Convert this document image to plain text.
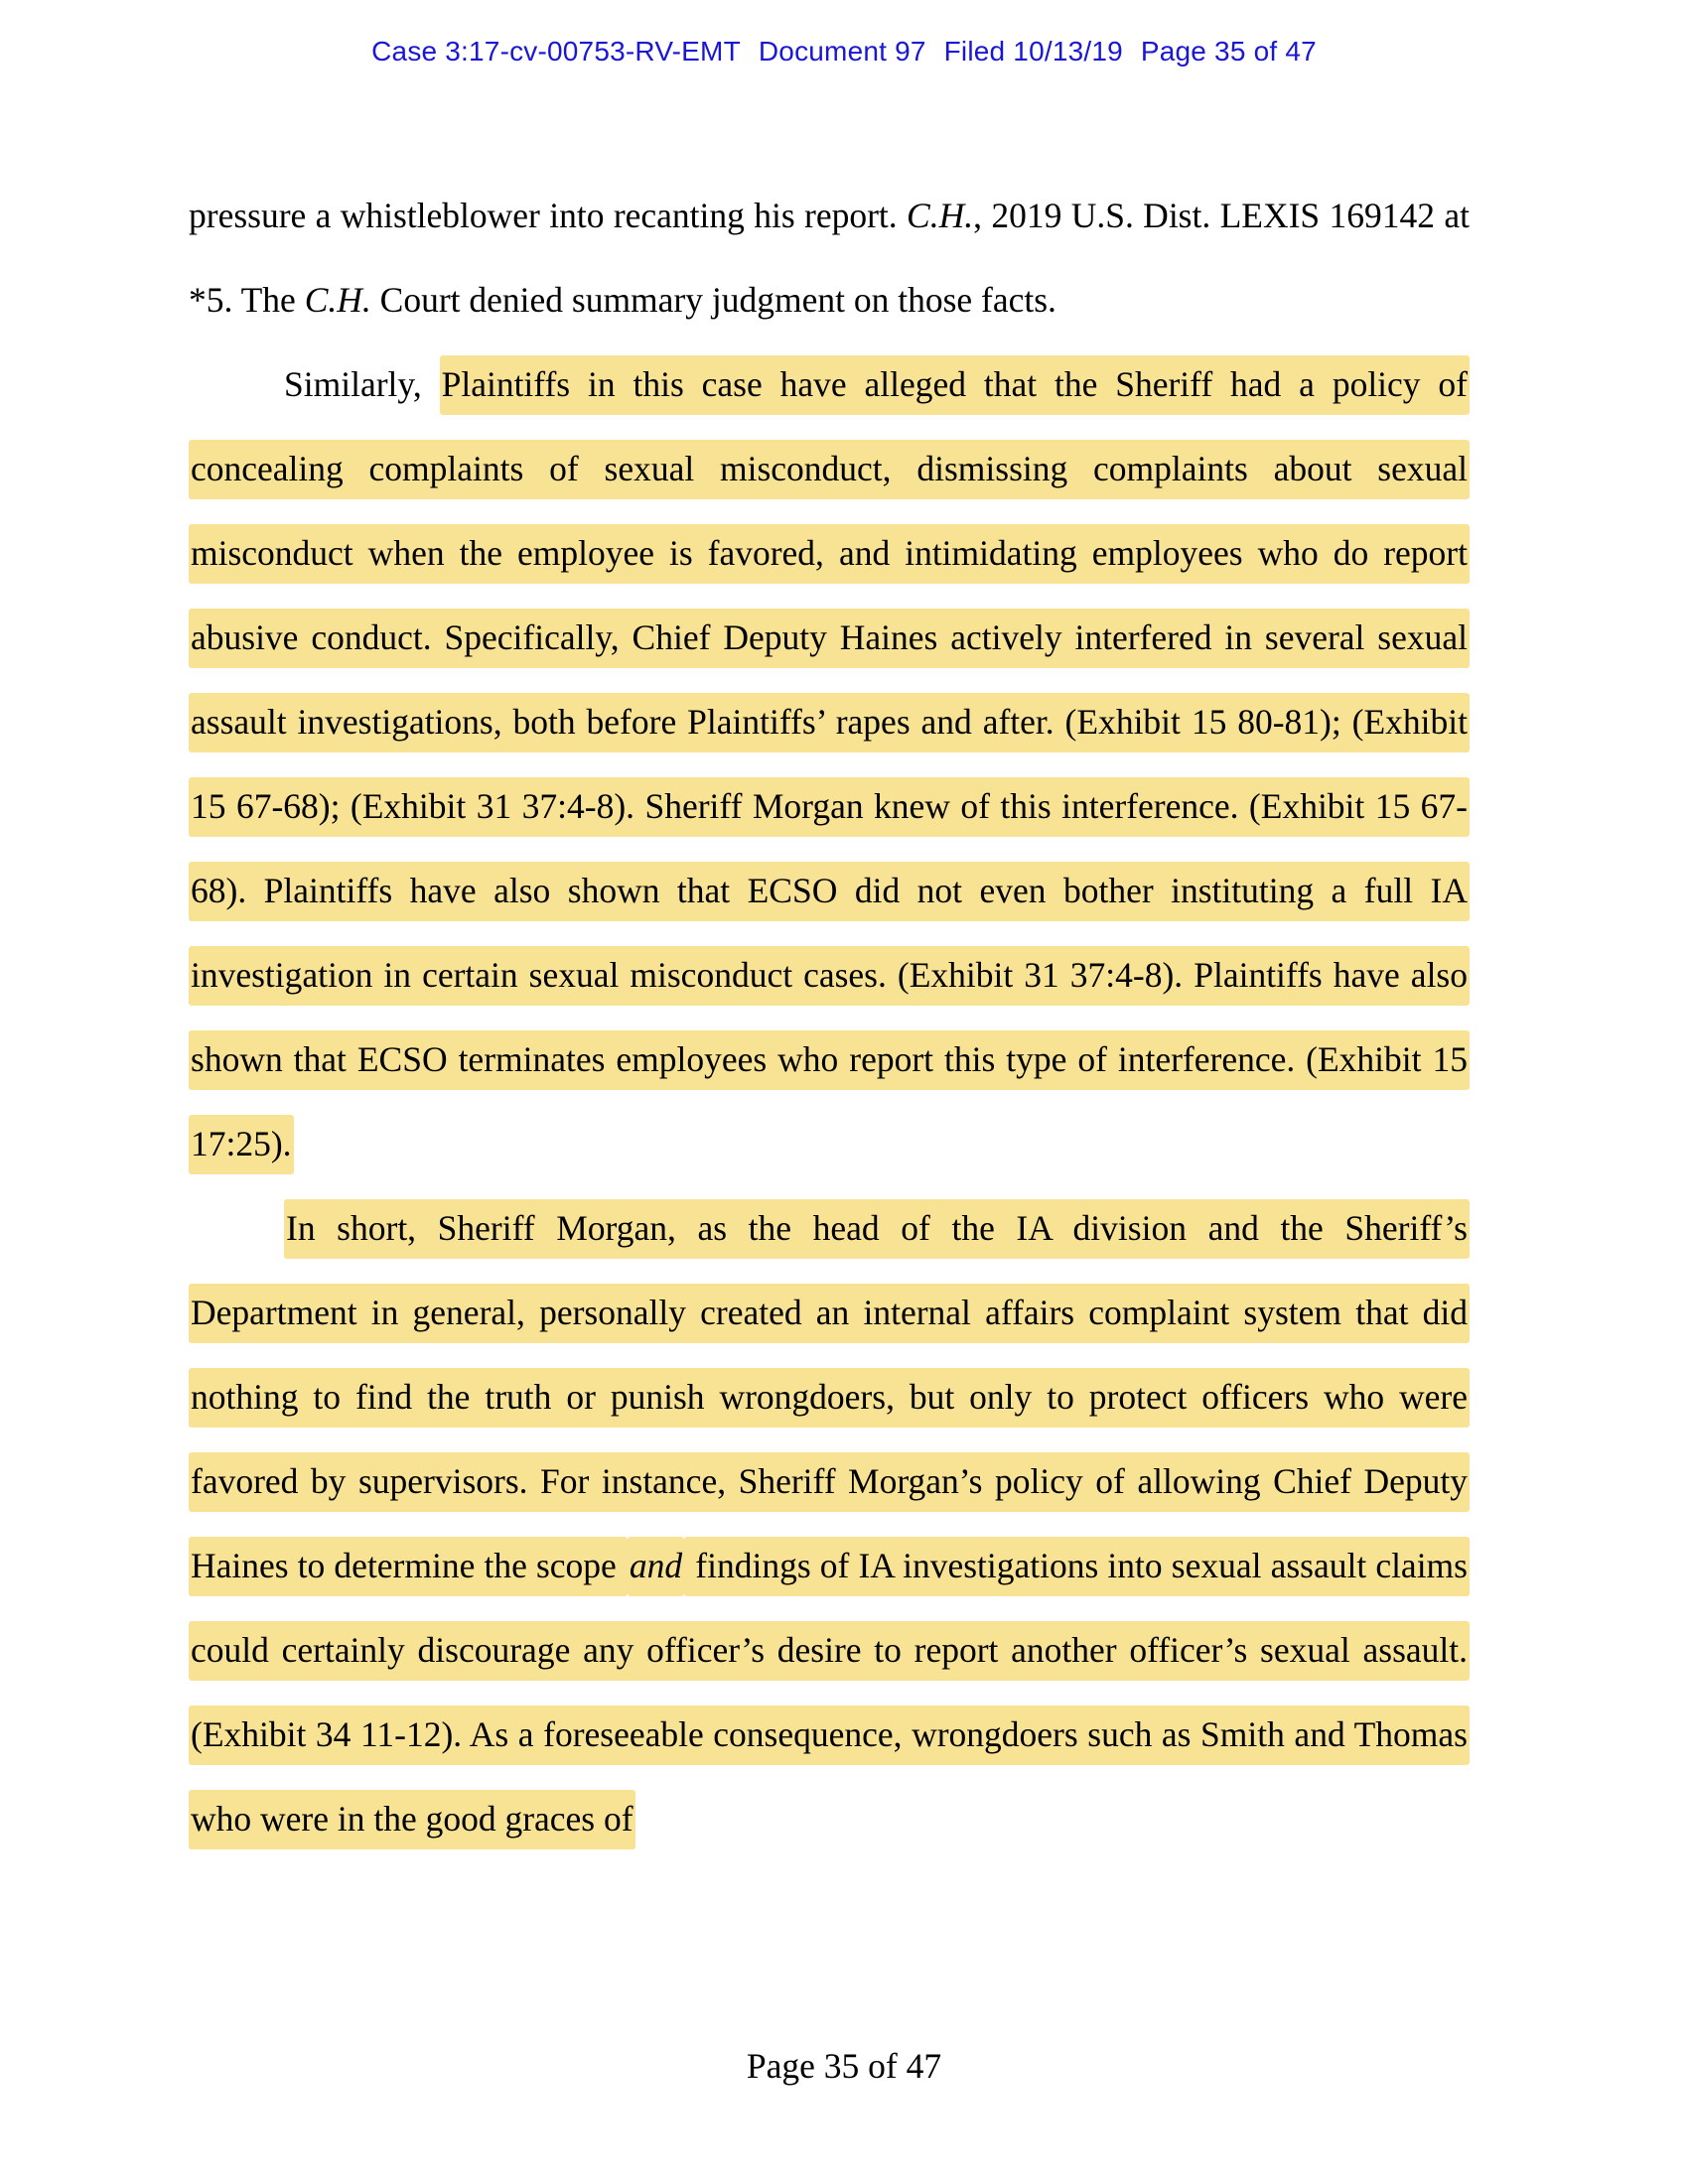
Case 3:17-cv-00753-RV-EMT Document 97 Filed 10/13/19 Page 35 of 47

pressure a whistleblower into recanting his report. C.H., 2019 U.S. Dist. LEXIS 169142 at *5. The C.H. Court denied summary judgment on those facts.

Similarly, Plaintiffs in this case have alleged that the Sheriff had a policy of concealing complaints of sexual misconduct, dismissing complaints about sexual misconduct when the employee is favored, and intimidating employees who do report abusive conduct. Specifically, Chief Deputy Haines actively interfered in several sexual assault investigations, both before Plaintiffs’ rapes and after. (Exhibit 15 80-81); (Exhibit 15 67-68); (Exhibit 31 37:4-8). Sheriff Morgan knew of this interference. (Exhibit 15 67-68). Plaintiffs have also shown that ECSO did not even bother instituting a full IA investigation in certain sexual misconduct cases. (Exhibit 31 37:4-8). Plaintiffs have also shown that ECSO terminates employees who report this type of interference. (Exhibit 15 17:25).

In short, Sheriff Morgan, as the head of the IA division and the Sheriff’s Department in general, personally created an internal affairs complaint system that did nothing to find the truth or punish wrongdoers, but only to protect officers who were favored by supervisors. For instance, Sheriff Morgan’s policy of allowing Chief Deputy Haines to determine the scope and findings of IA investigations into sexual assault claims could certainly discourage any officer’s desire to report another officer’s sexual assault. (Exhibit 34 11-12). As a foreseeable consequence, wrongdoers such as Smith and Thomas who were in the good graces of

Page 35 of 47
